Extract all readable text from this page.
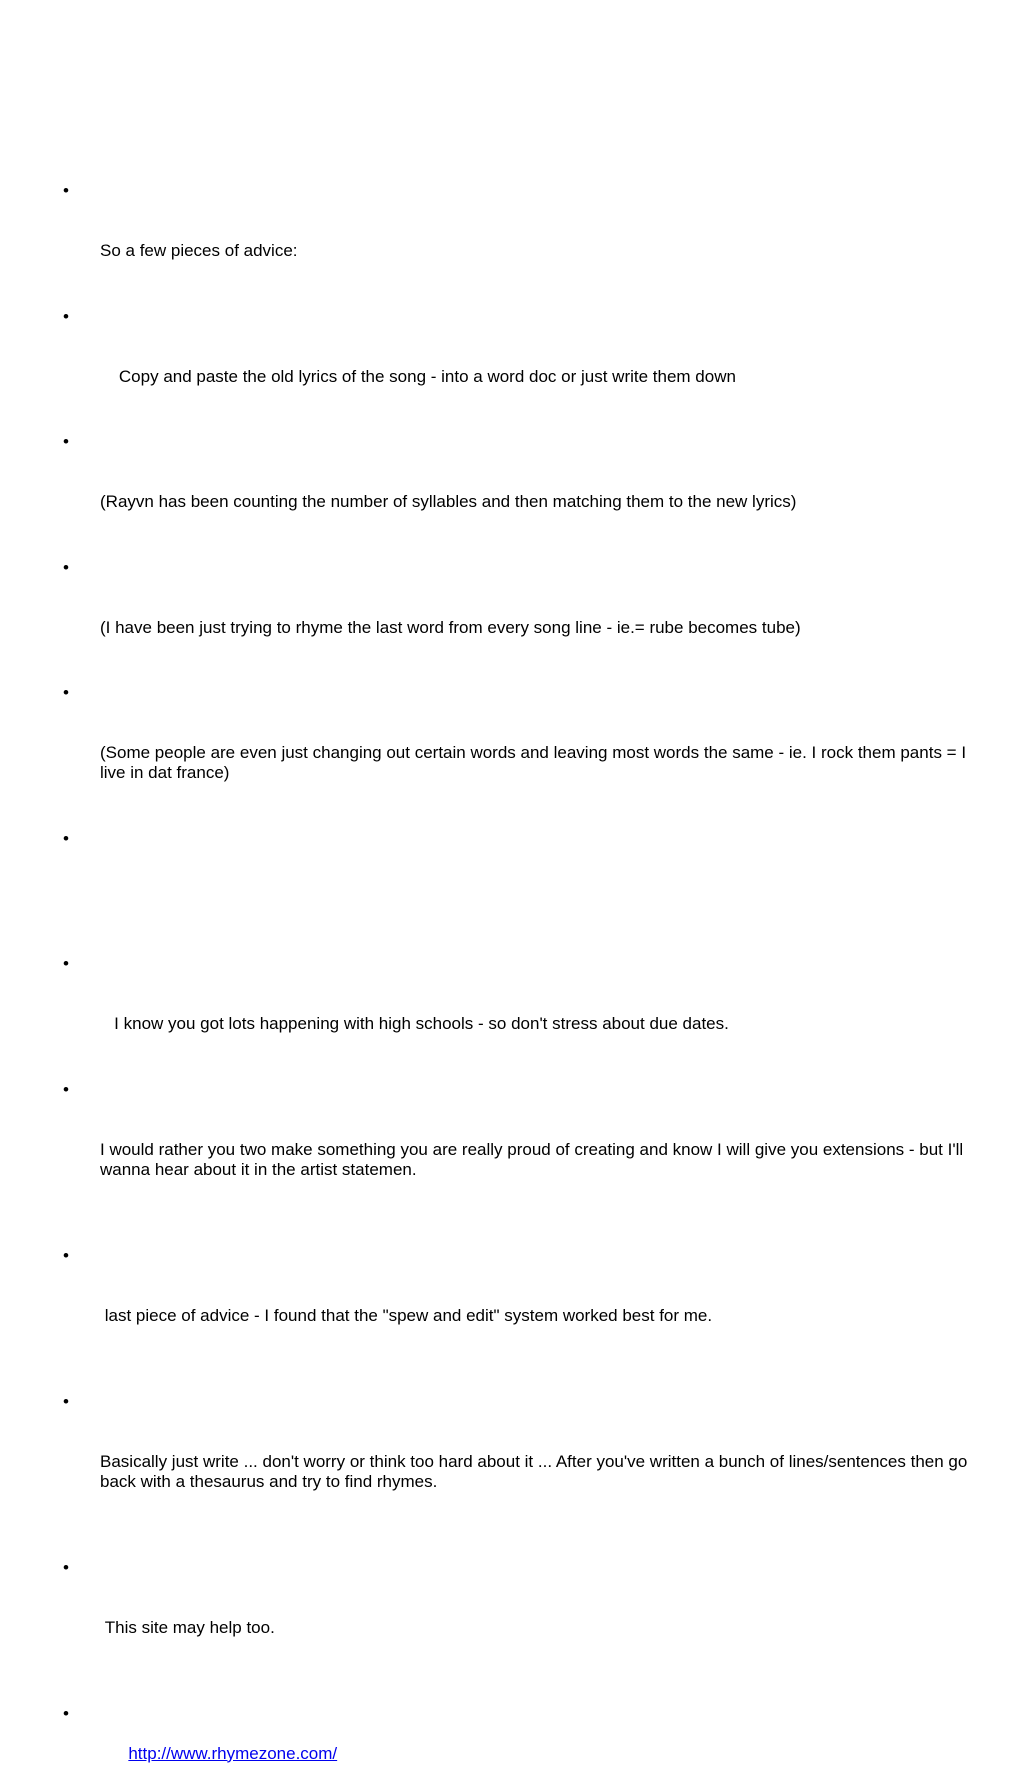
•

So a few pieces of advice:

•

Copy and paste the old lyrics of the song - into a word doc or just write them down

•

(Rayvn has been counting the number of syllables and then matching them to the new lyrics)

•

(I have been just trying to rhyme the last word from every song line - ie.= rube becomes tube)

•

(Some people are even just changing out certain words and leaving most words the same - ie. I rock them pants = I live in dat france)

•

•

I know you got lots happening with high schools - so don't stress about due dates.

•

I would rather you two make something you are really proud of creating and know I will give you extensions - but I'll wanna hear about it in the artist statemen.

•

last piece of advice - I found that the "spew and edit" system worked best for me.

•

Basically just write ... don't worry or think too hard about it ... After you've written a bunch of lines/sentences then go back with a thesaurus and try to find rhymes.

•

This site may help too.

•

http://www.rhymezone.com/
